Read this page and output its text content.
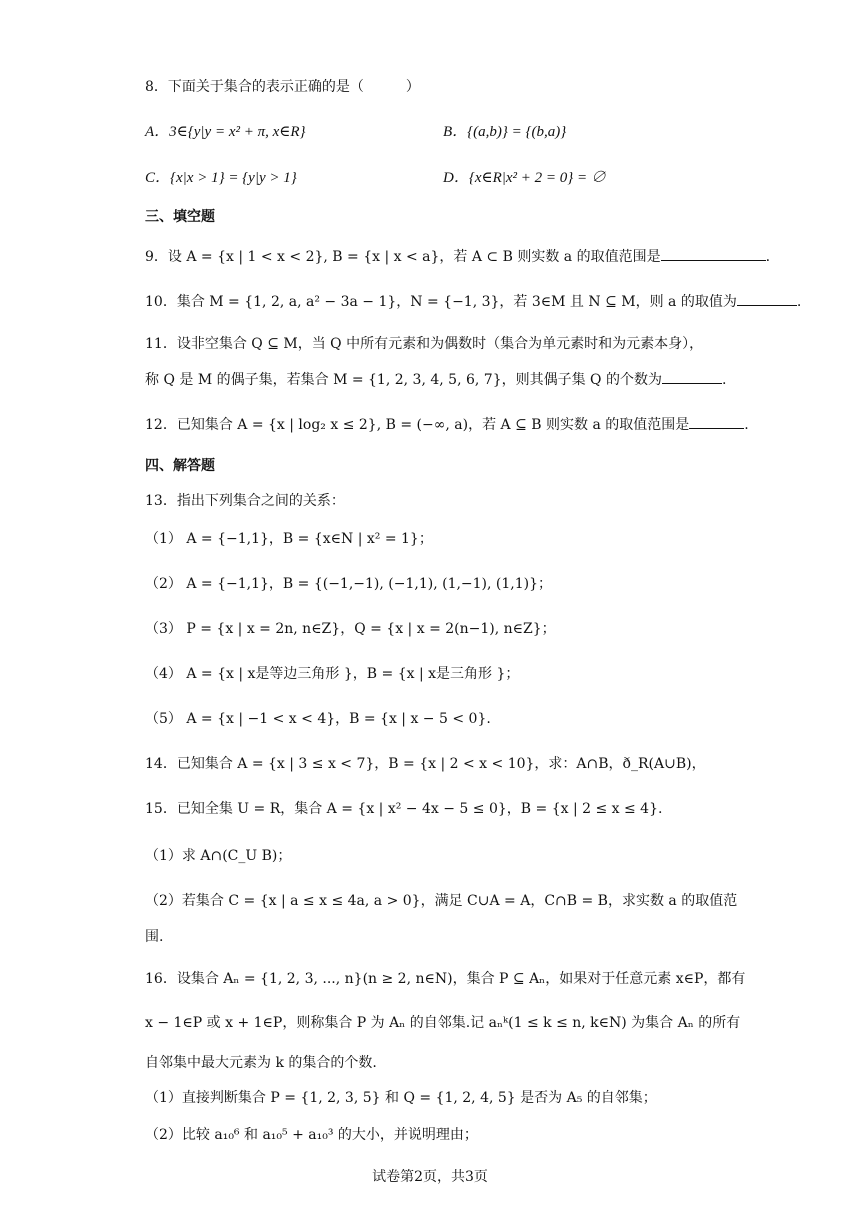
8．下面关于集合的表示正确的是（　　　）
A．3∈{y|y = x² + π, x∈R}	B．{(a,b)} = {(b,a)}
C．{x|x > 1} = {y|y > 1}	D．{x∈R|x² + 2 = 0} = ∅
三、填空题
9．设 A = {x | 1 < x < 2}, B = {x | x < a}，若 A ⊂ B 则实数 a 的取值范围是	.
10．集合 M = {1, 2, a, a² − 3a − 1}，N = {−1, 3}，若 3∈M 且 N ⊆ M，则 a 的取值为	.
11．设非空集合 Q ⊆ M，当 Q 中所有元素和为偶数时（集合为单元素时和为元素本身），
称 Q 是 M 的偶子集，若集合 M = {1, 2, 3, 4, 5, 6, 7}，则其偶子集 Q 的个数为	.
12．已知集合 A = {x | log₂ x ≤ 2}, B = (−∞, a)，若 A ⊆ B 则实数 a 的取值范围是	.
四、解答题
13．指出下列集合之间的关系：
（1） A = {−1,1}，B = {x∈N | x² = 1}；
（2） A = {−1,1}，B = {(−1,−1), (−1,1), (1,−1), (1,1)}；
（3） P = {x | x = 2n, n∈Z}，Q = {x | x = 2(n−1), n∈Z}；
（4） A = {x | x是等边三角形 }，B = {x | x是三角形 }；
（5） A = {x | −1 < x < 4}，B = {x | x − 5 < 0}.
14．已知集合 A = {x | 3 ≤ x < 7}，B = {x | 2 < x < 10}，求：A∩B，ð_R(A∪B)，
15．已知全集 U = R，集合 A = {x | x² − 4x − 5 ≤ 0}，B = {x | 2 ≤ x ≤ 4}.
（1）求 A∩(C_U B)；
（2）若集合 C = {x | a ≤ x ≤ 4a, a > 0}，满足 C∪A = A，C∩B = B，求实数 a 的取值范
围.
16．设集合 Aₙ = {1, 2, 3, ..., n}(n ≥ 2, n∈N)，集合 P ⊆ Aₙ，如果对于任意元素 x∈P，都有
x − 1∈P 或 x + 1∈P，则称集合 P 为 Aₙ 的自邻集.记 aₙᵏ(1 ≤ k ≤ n, k∈N) 为集合 Aₙ 的所有
自邻集中最大元素为 k 的集合的个数.
（1）直接判断集合 P = {1, 2, 3, 5} 和 Q = {1, 2, 4, 5} 是否为 A₅ 的自邻集；
（2）比较 a₁₀⁶ 和 a₁₀⁵ + a₁₀³ 的大小，并说明理由；
试卷第2页，共3页
